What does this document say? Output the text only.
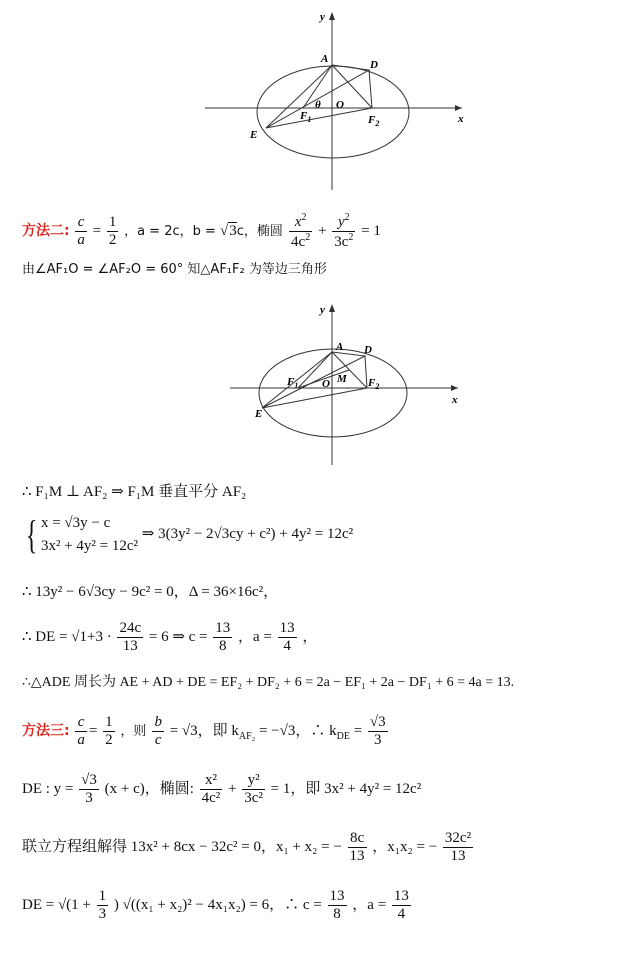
y
x
A	D
E
θ O
$F_1$	$F_2$
方法二: $\frac{c}{a} = \frac{1}{2}$ ，a = 2c，b = √3c，椭圆 $\frac{x^2}{4c^2} + \frac{y^2}{3c^2} = 1$
由∠AF₁O = ∠AF₂O = 60° 知△AF₁F₂ 为等边三角形
y
x
A D
E
M
O
$F_1$	$F_2$
∴ F₁M ⊥ AF₂ ⇒ F₁M 垂直平分 AF₂
{ x = √3y − c
3x² + 4y² = 12c² ⇒ 3(3y² − 2√3cy + c²) + 4y² = 12c²
∴ 13y² − 6√3cy − 9c² = 0，Δ = 36×16c²，
∴ DE = $√1+3 \cdot \frac{24c}{13} = 6$ ⇒ $c = \frac{13}{8}$ ，$a = \frac{13}{4}$ ，
∴△ADE 周长为 AE + AD + DE = EF₂ + DF₂ + 6 = 2a − EF₁ + 2a − DF₁ + 6 = 4a = 13.
方法三: $\frac{c}{a} = \frac{1}{2}$ ，则 $\frac{b}{c} = √3$，即 $k_{AF_2} = -√3$，∴ $k_{DE} = \frac{√3}{3}$
DE : $y = \frac{√3}{3} (x + c)$，椭圆: $\frac{\text{x²}}{\text{4c²}} + \frac{\text{y²}}{\text{3c²}} = 1$，即 3x² + 4y² = 12c²
联立方程组解得 13x² + 8cx − 32c² = 0，x₁ + x₂ = − $\frac{8c}{13}$ ，x₁x₂ = − $\frac{\text{32c²}}{13}$
DE = $√(1 + \frac{1}{3}$ ) √((x₁ + x₂)² − 4x₁x₂) = 6，∴ $c = \frac{13}{8}$ ，$a = \frac{13}{4}$
